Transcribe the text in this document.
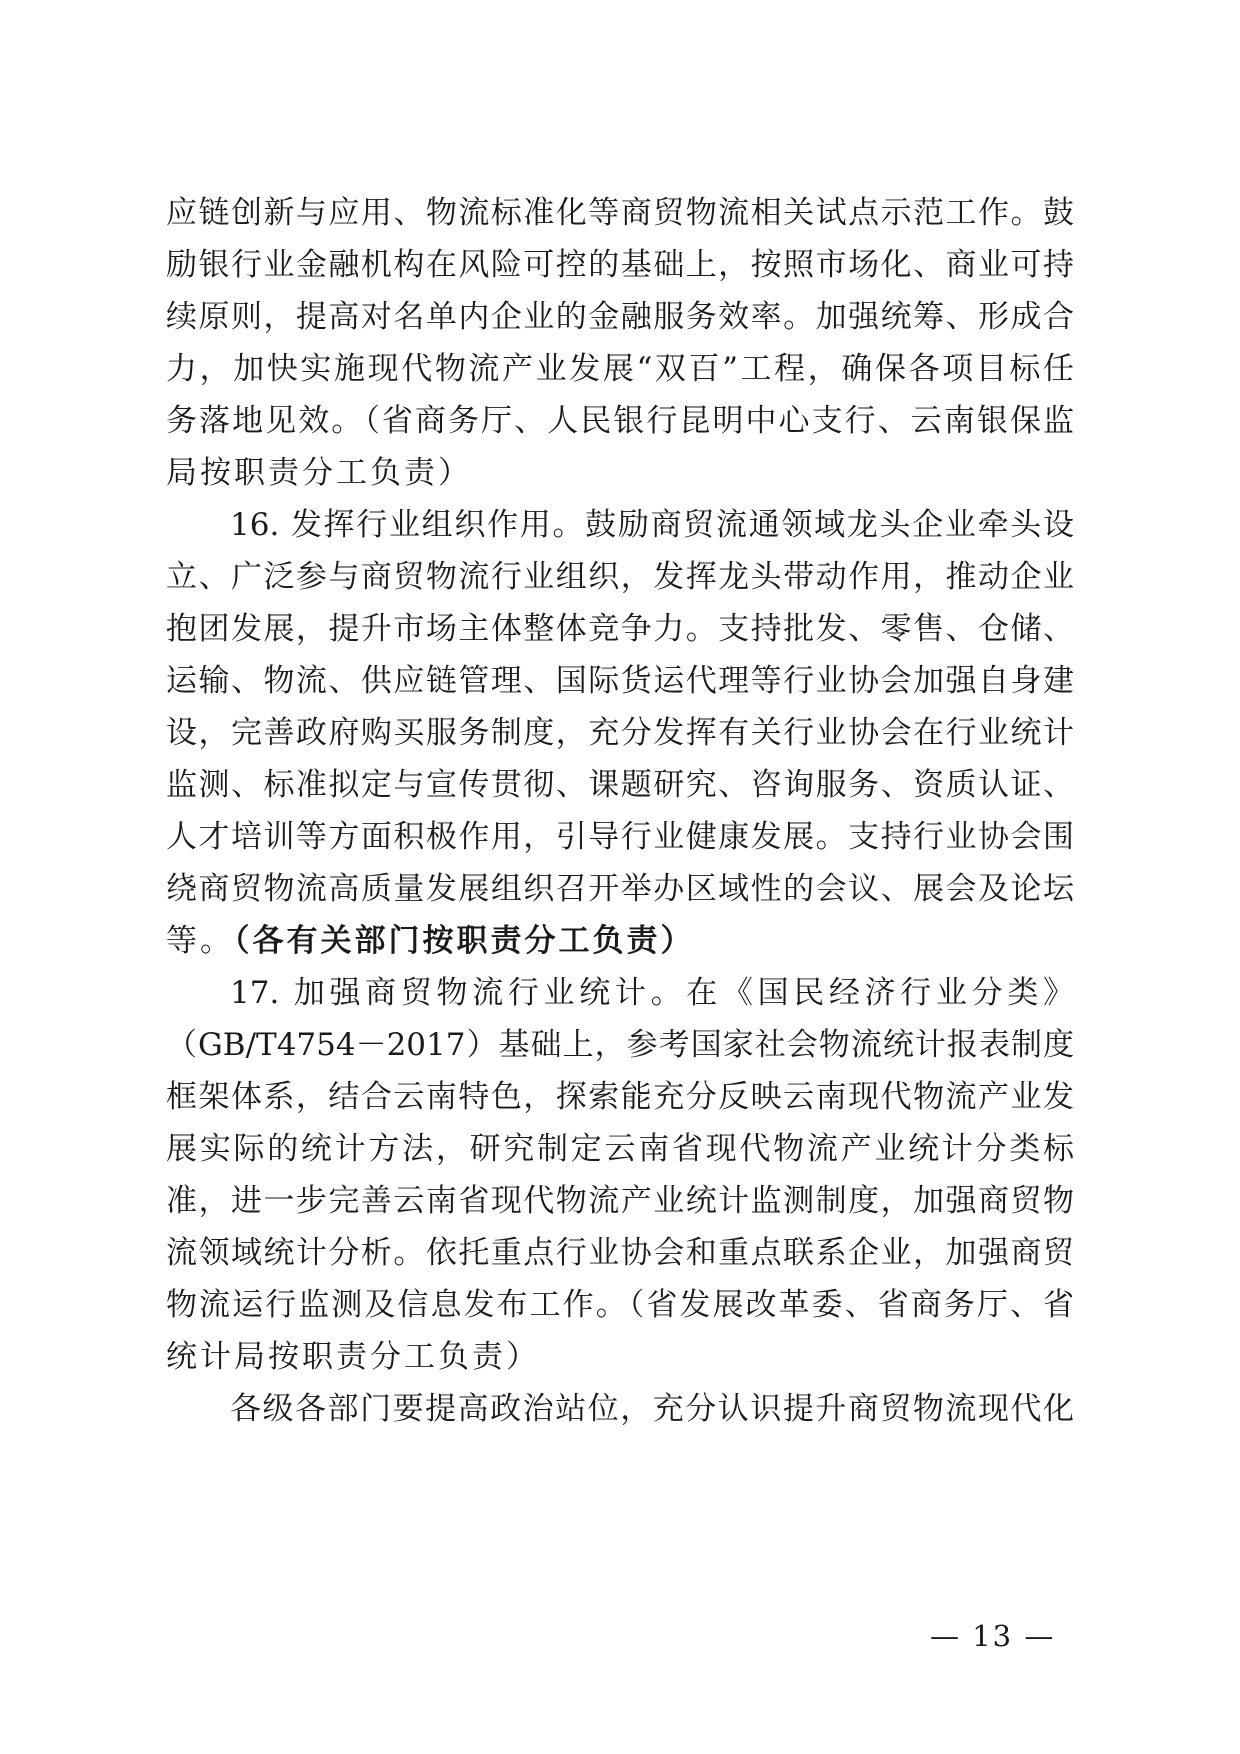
应链创新与应用、物流标准化等商贸物流相关试点示范工作。鼓
励银行业金融机构在风险可控的基础上，按照市场化、商业可持
续原则，提高对名单内企业的金融服务效率。加强统筹、形成合
力，加快实施现代物流产业发展“双百”工程，确保各项目标任
务落地见效。（省商务厅、人民银行昆明中心支行、云南银保监
局按职责分工负责）
16. 发挥行业组织作用。鼓励商贸流通领域龙头企业牵头设
立、广泛参与商贸物流行业组织，发挥龙头带动作用，推动企业
抱团发展，提升市场主体整体竞争力。支持批发、零售、仓储、
运输、物流、供应链管理、国际货运代理等行业协会加强自身建
设，完善政府购买服务制度，充分发挥有关行业协会在行业统计
监测、标准拟定与宣传贯彻、课题研究、咨询服务、资质认证、
人才培训等方面积极作用，引导行业健康发展。支持行业协会围
绕商贸物流高质量发展组织召开举办区域性的会议、展会及论坛
等。（各有关部门按职责分工负责）
17. 加强商贸物流行业统计。在《国民经济行业分类》
（GB/T4754－2017）基础上，参考国家社会物流统计报表制度
框架体系，结合云南特色，探索能充分反映云南现代物流产业发
展实际的统计方法，研究制定云南省现代物流产业统计分类标
准，进一步完善云南省现代物流产业统计监测制度，加强商贸物
流领域统计分析。依托重点行业协会和重点联系企业，加强商贸
物流运行监测及信息发布工作。（省发展改革委、省商务厅、省
统计局按职责分工负责）
各级各部门要提高政治站位，充分认识提升商贸物流现代化
— 13 —
